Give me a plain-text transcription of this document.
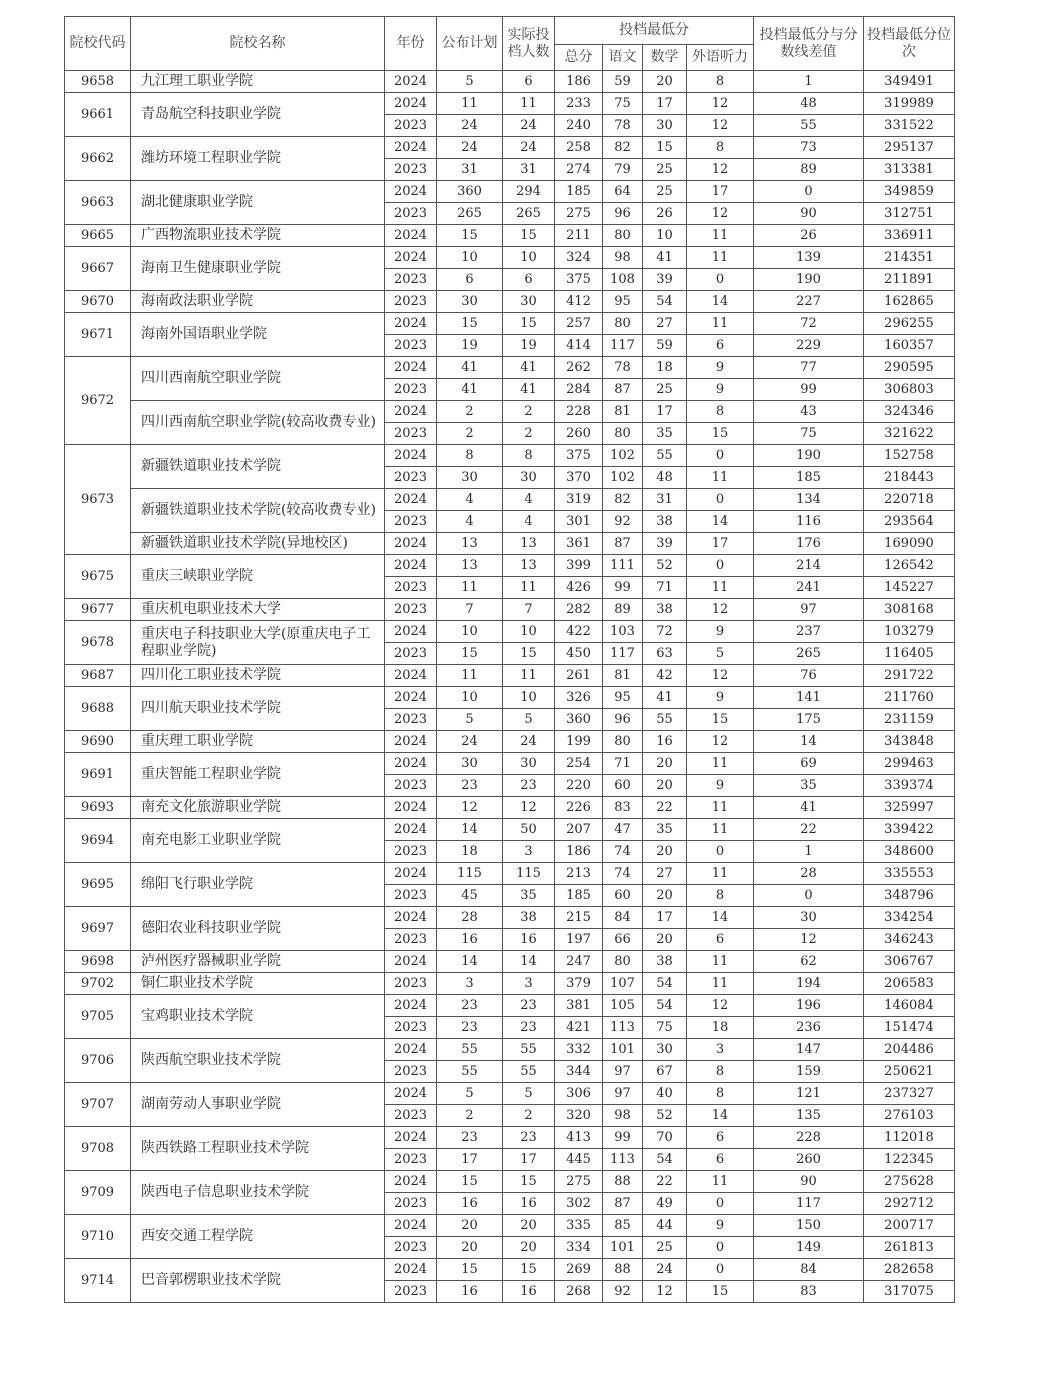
院校代码	院校名称	年份	公布计划	实际投档人数	投档最低分				投档最低分与分数线差值	投档最低分位次
					总分	语文	数学	外语听力		
9658	九江理工职业学院	2024	5	6	186	59	20	8	1	349491
9661	青岛航空科技职业学院	2024	11	11	233	75	17	12	48	319989
		2023	24	24	240	78	30	12	55	331522
9662	潍坊环境工程职业学院	2024	24	24	258	82	15	8	73	295137
		2023	31	31	274	79	25	12	89	313381
9663	湖北健康职业学院	2024	360	294	185	64	25	17	0	349859
		2023	265	265	275	96	26	12	90	312751
9665	广西物流职业技术学院	2024	15	15	211	80	10	11	26	336911
9667	海南卫生健康职业学院	2024	10	10	324	98	41	11	139	214351
		2023	6	6	375	108	39	0	190	211891
9670	海南政法职业学院	2023	30	30	412	95	54	14	227	162865
9671	海南外国语职业学院	2024	15	15	257	80	27	11	72	296255
		2023	19	19	414	117	59	6	229	160357
9672	四川西南航空职业学院	2024	41	41	262	78	18	9	77	290595
		2023	41	41	284	87	25	9	99	306803
	四川西南航空职业学院(较高收费专业)	2024	2	2	228	81	17	8	43	324346
		2023	2	2	260	80	35	15	75	321622
9673	新疆铁道职业技术学院	2024	8	8	375	102	55	0	190	152758
		2023	30	30	370	102	48	11	185	218443
	新疆铁道职业技术学院(较高收费专业)	2024	4	4	319	82	31	0	134	220718
		2023	4	4	301	92	38	14	116	293564
	新疆铁道职业技术学院(异地校区)	2024	13	13	361	87	39	17	176	169090
9675	重庆三峡职业学院	2024	13	13	399	111	52	0	214	126542
		2023	11	11	426	99	71	11	241	145227
9677	重庆机电职业技术大学	2023	7	7	282	89	38	12	97	308168
9678	重庆电子科技职业大学(原重庆电子工程职业学院)	2024	10	10	422	103	72	9	237	103279
		2023	15	15	450	117	63	5	265	116405
9687	四川化工职业技术学院	2024	11	11	261	81	42	12	76	291722
9688	四川航天职业技术学院	2024	10	10	326	95	41	9	141	211760
		2023	5	5	360	96	55	15	175	231159
9690	重庆理工职业学院	2024	24	24	199	80	16	12	14	343848
9691	重庆智能工程职业学院	2024	30	30	254	71	20	11	69	299463
		2023	23	23	220	60	20	9	35	339374
9693	南充文化旅游职业学院	2024	12	12	226	83	22	11	41	325997
9694	南充电影工业职业学院	2024	14	50	207	47	35	11	22	339422
		2023	18	3	186	74	20	0	1	348600
9695	绵阳飞行职业学院	2024	115	115	213	74	27	11	28	335553
		2023	45	35	185	60	20	8	0	348796
9697	德阳农业科技职业学院	2024	28	38	215	84	17	14	30	334254
		2023	16	16	197	66	20	6	12	346243
9698	泸州医疗器械职业学院	2024	14	14	247	80	38	11	62	306767
9702	铜仁职业技术学院	2023	3	3	379	107	54	11	194	206583
9705	宝鸡职业技术学院	2024	23	23	381	105	54	12	196	146084
		2023	23	23	421	113	75	18	236	151474
9706	陕西航空职业技术学院	2024	55	55	332	101	30	3	147	204486
		2023	55	55	344	97	67	8	159	250621
9707	湖南劳动人事职业学院	2024	5	5	306	97	40	8	121	237327
		2023	2	2	320	98	52	14	135	276103
9708	陕西铁路工程职业技术学院	2024	23	23	413	99	70	6	228	112018
		2023	17	17	445	113	54	6	260	122345
9709	陕西电子信息职业技术学院	2024	15	15	275	88	22	11	90	275628
		2023	16	16	302	87	49	0	117	292712
9710	西安交通工程学院	2024	20	20	335	85	44	9	150	200717
		2023	20	20	334	101	25	0	149	261813
9714	巴音郭楞职业技术学院	2024	15	15	269	88	24	0	84	282658
		2023	16	16	268	92	12	15	83	317075
